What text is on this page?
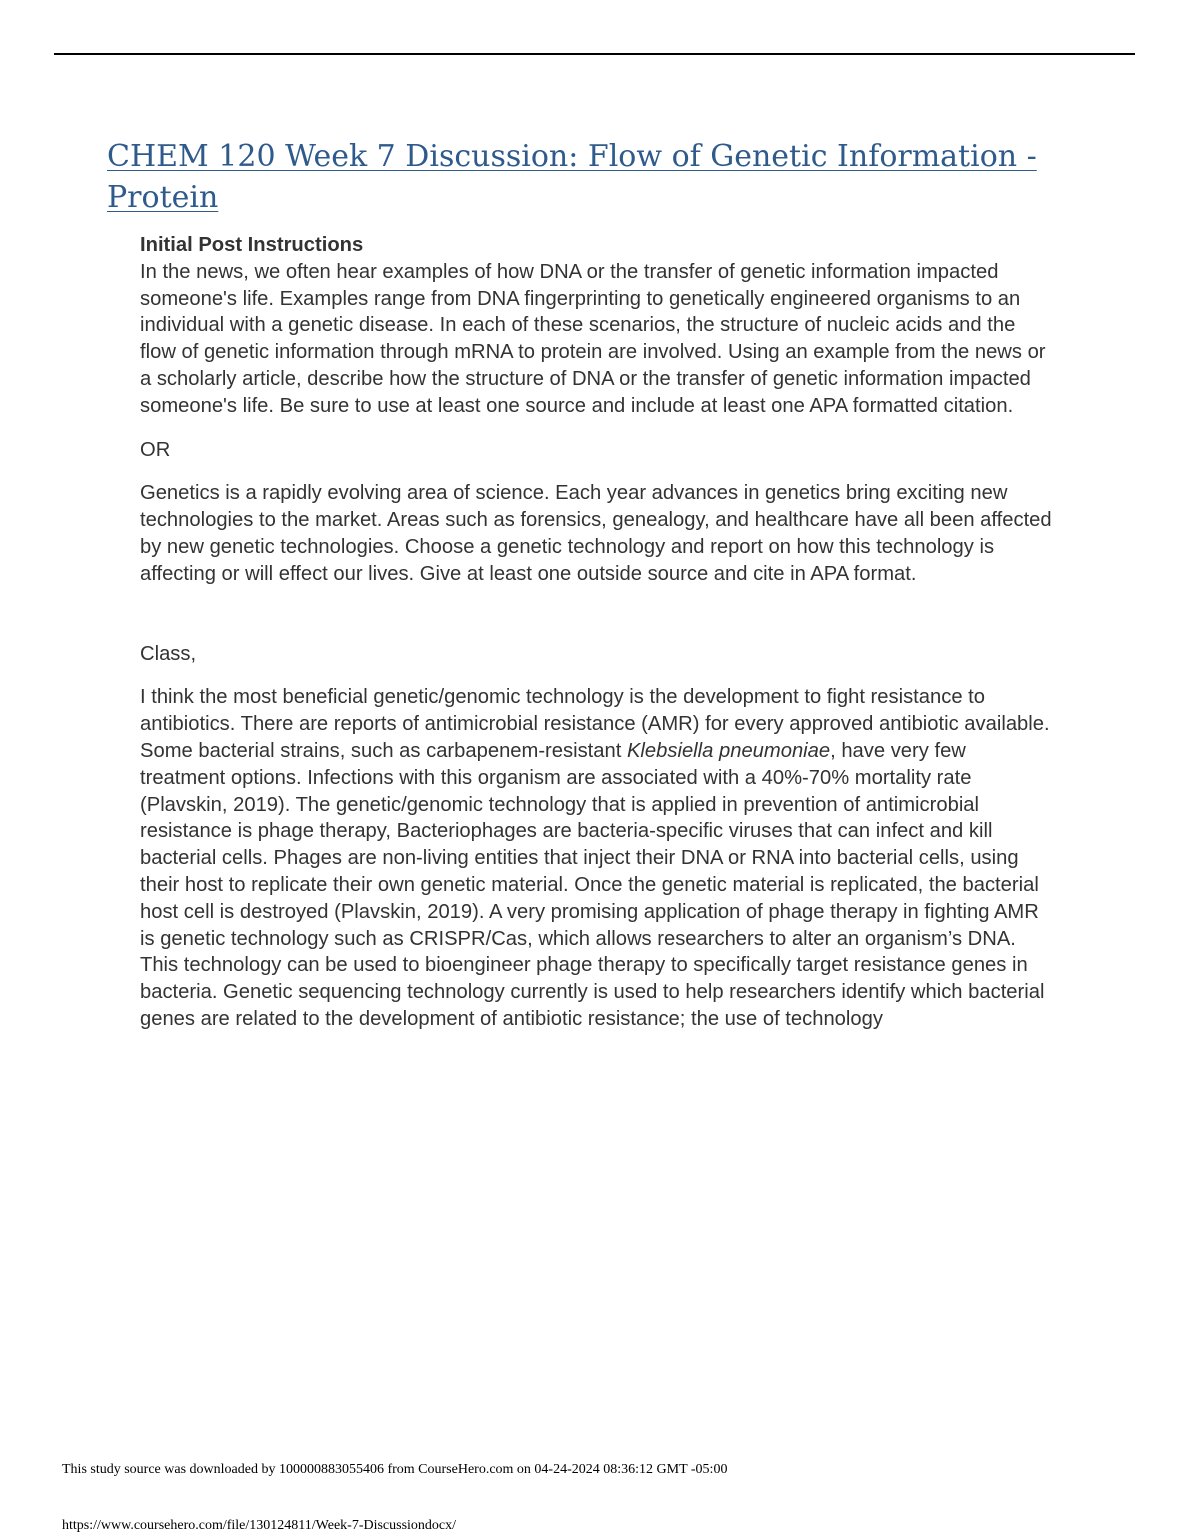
CHEM 120 Week 7 Discussion: Flow of Genetic Information - Protein

Initial Post Instructions

In the news, we often hear examples of how DNA or the transfer of genetic information impacted someone's life. Examples range from DNA fingerprinting to genetically engineered organisms to an individual with a genetic disease. In each of these scenarios, the structure of nucleic acids and the flow of genetic information through mRNA to protein are involved. Using an example from the news or a scholarly article, describe how the structure of DNA or the transfer of genetic information impacted someone's life. Be sure to use at least one source and include at least one APA formatted citation.

OR

Genetics is a rapidly evolving area of science. Each year advances in genetics bring exciting new technologies to the market. Areas such as forensics, genealogy, and healthcare have all been affected by new genetic technologies. Choose a genetic technology and report on how this technology is affecting or will effect our lives. Give at least one outside source and cite in APA format.

Class,

I think the most beneficial genetic/genomic technology is the development to fight resistance to antibiotics. There are reports of antimicrobial resistance (AMR) for every approved antibiotic available. Some bacterial strains, such as carbapenem-resistant Klebsiella pneumoniae, have very few treatment options. Infections with this organism are associated with a 40%-70% mortality rate (Plavskin, 2019). The genetic/genomic technology that is applied in prevention of antimicrobial resistance is phage therapy, Bacteriophages are bacteria-specific viruses that can infect and kill bacterial cells. Phages are non-living entities that inject their DNA or RNA into bacterial cells, using their host to replicate their own genetic material. Once the genetic material is replicated, the bacterial host cell is destroyed (Plavskin, 2019). A very promising application of phage therapy in fighting AMR is genetic technology such as CRISPR/Cas, which allows researchers to alter an organism’s DNA. This technology can be used to bioengineer phage therapy to specifically target resistance genes in bacteria. Genetic sequencing technology currently is used to help researchers identify which bacterial genes are related to the development of antibiotic resistance; the use of technology

This study source was downloaded by 100000883055406 from CourseHero.com on 04-24-2024 08:36:12 GMT -05:00
https://www.coursehero.com/file/130124811/Week-7-Discussiondocx/
